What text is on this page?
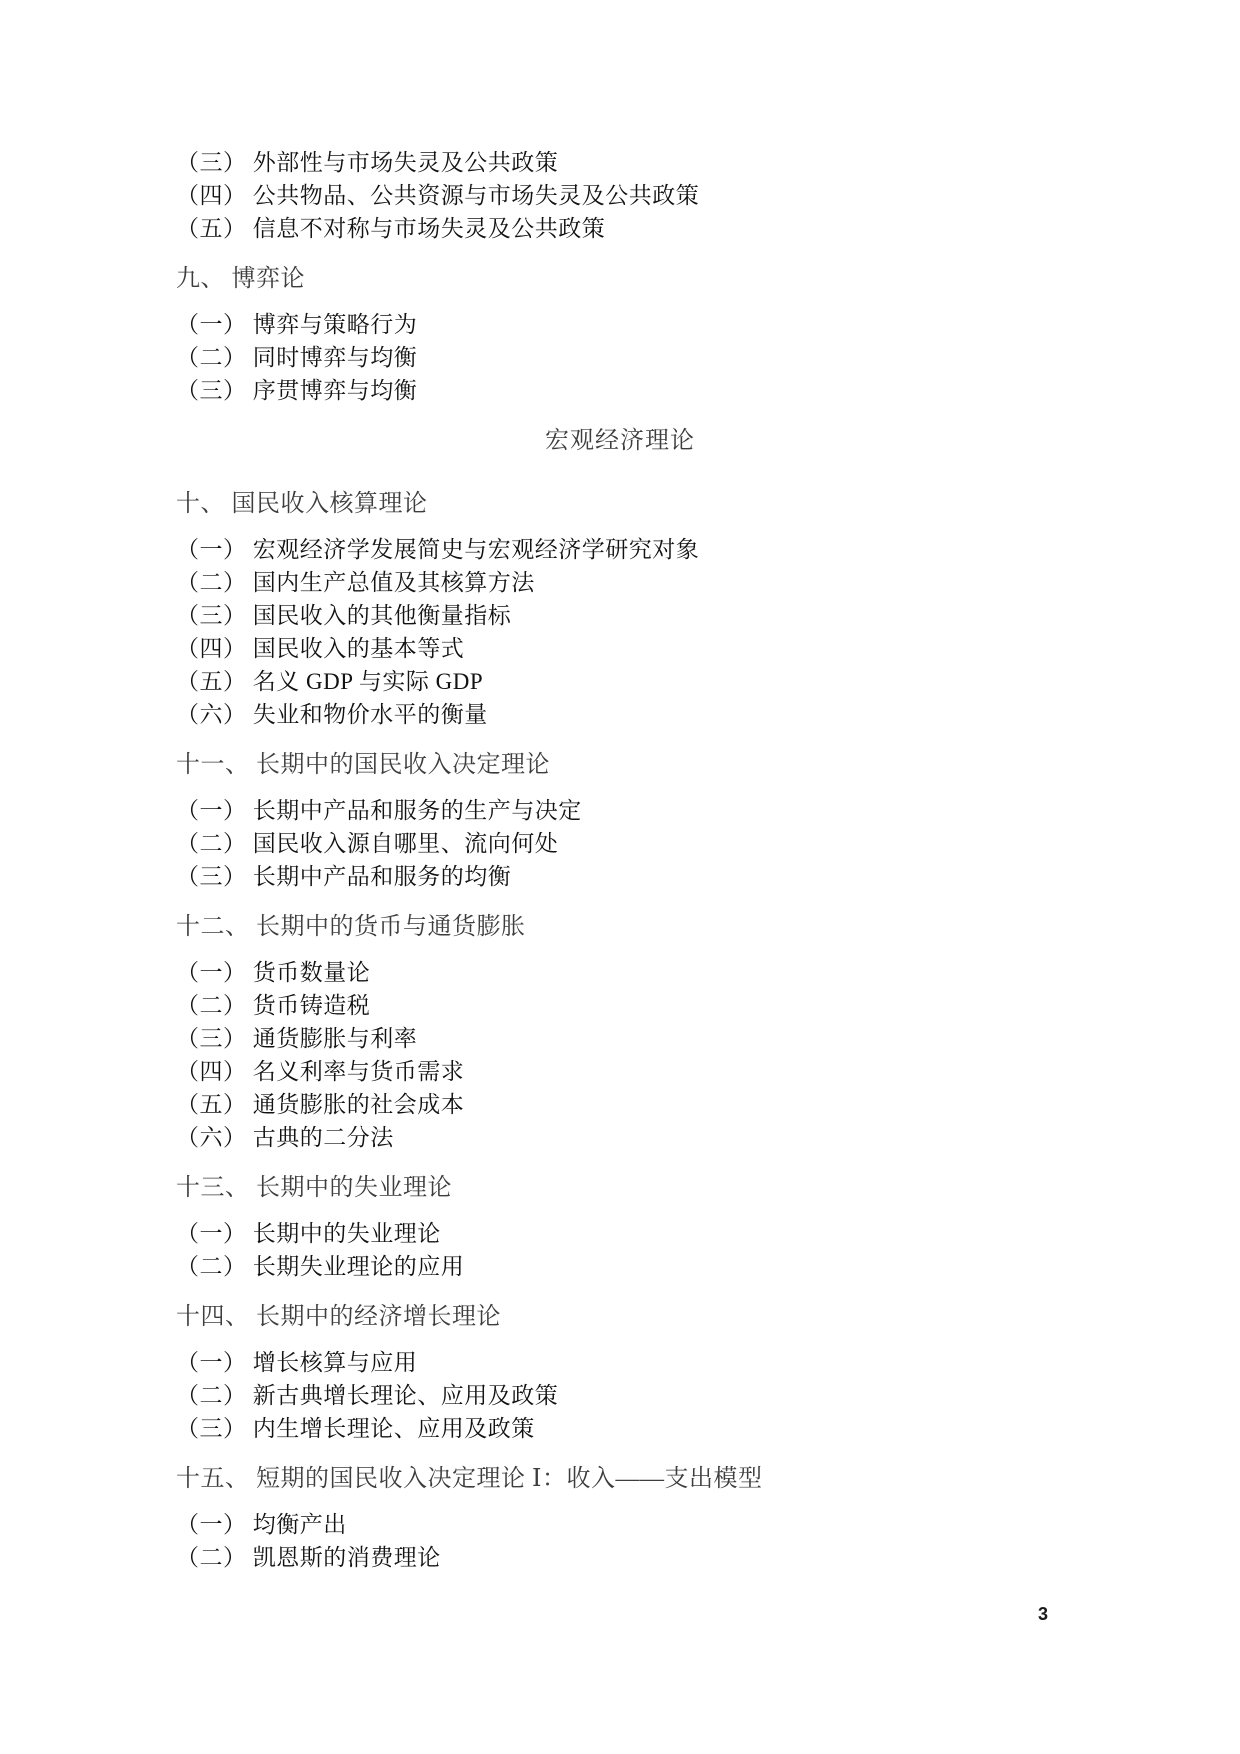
（三） 外部性与市场失灵及公共政策
（四） 公共物品、公共资源与市场失灵及公共政策
（五） 信息不对称与市场失灵及公共政策
九、 博弈论
（一） 博弈与策略行为
（二） 同时博弈与均衡
（三） 序贯博弈与均衡
宏观经济理论
十、 国民收入核算理论
（一） 宏观经济学发展简史与宏观经济学研究对象
（二） 国内生产总值及其核算方法
（三） 国民收入的其他衡量指标
（四） 国民收入的基本等式
（五） 名义 GDP 与实际 GDP
（六） 失业和物价水平的衡量
十一、 长期中的国民收入决定理论
（一） 长期中产品和服务的生产与决定
（二） 国民收入源自哪里、流向何处
（三） 长期中产品和服务的均衡
十二、 长期中的货币与通货膨胀
（一） 货币数量论
（二） 货币铸造税
（三） 通货膨胀与利率
（四） 名义利率与货币需求
（五） 通货膨胀的社会成本
（六） 古典的二分法
十三、 长期中的失业理论
（一） 长期中的失业理论
（二） 长期失业理论的应用
十四、 长期中的经济增长理论
（一） 增长核算与应用
（二） 新古典增长理论、应用及政策
（三） 内生增长理论、应用及政策
十五、 短期的国民收入决定理论 Ⅰ：收入——支出模型
（一） 均衡产出
（二） 凯恩斯的消费理论
3
